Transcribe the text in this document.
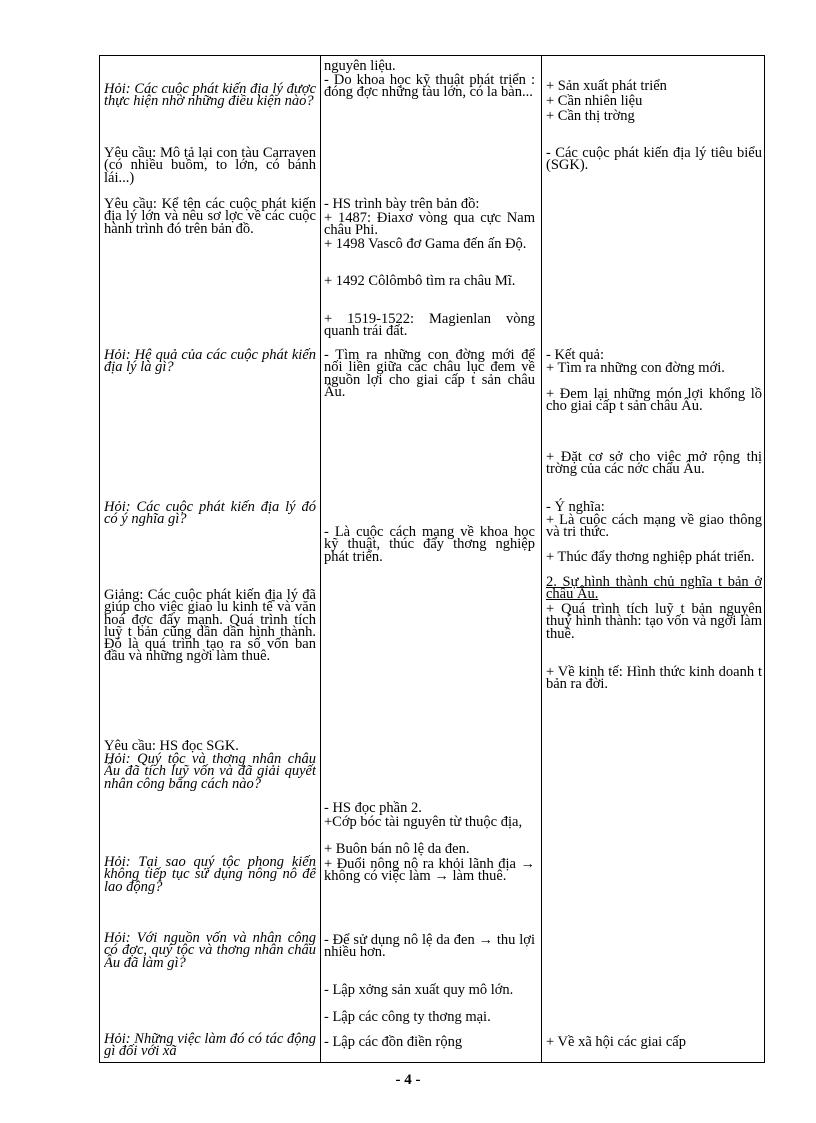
Hỏi: Các cuộc phát kiến địa lý được thực hiện nhờ những điều kiện nào?

Yêu cầu: Mô tả lại con tàu Carraven (có nhiều buồm, to lớn, có bánh lái...)

Yêu cầu: Kể tên các cuộc phát kiến địa lý lớn và nêu sơ lợc về các cuộc hành trình đó trên bản đồ.

Hỏi: Hệ quả của các cuộc phát kiến địa lý là gì?

Hỏi: Các cuộc phát kiến địa lý đó có ý nghĩa gì?

Giảng: Các cuộc phát kiến địa lý đã giúp cho việc giao lu kinh tế và văn hoá đợc đẩy mạnh. Quá trình tích luỹ t bản cũng dần dần hình thành. Đó là quá trình tạo ra số vốn ban đầu và những ngời làm thuê.

Yêu cầu: HS đọc SGK.

Hỏi: Quý tộc và thơng nhân châu Âu đã tích luỹ vốn và đã giải quyết nhân công bằng cách nào?

Hỏi: Tại sao quý tộc phong kiến không tiếp tục sử dụng nông nô để lao động?

Hỏi: Với nguồn vốn và nhân công có đợc, quý tộc và thơng nhân châu Âu đã làm gì?

Hỏi: Những việc làm đó có tác động gì đối với xã

nguyên liệu.

- Do khoa học kỹ thuật phát triển : đóng đợc những tàu lớn, có la bàn...

- HS trình bày trên bản đồ:

+ 1487: Điaxơ vòng qua cực Nam châu Phi.

+ 1498 Vascô đơ Gama đến ấn Độ.

+ 1492 Côlômbô tìm ra châu Mĩ.

+ 1519-1522: Magienlan vòng quanh trái đất.

- Tìm ra những con đờng mới để nối liền giữa các châu lục đem về nguồn lợi cho giai cấp t sản châu Âu.

- Là cuộc cách mạng về khoa học kỹ thuật, thúc đẩy thơng nghiệp phát triển.

- HS đọc phần 2.

+Cớp bóc tài nguyên từ thuộc địa,

+ Buôn bán nô lệ da đen.

+ Đuổi nông nô ra khỏi lãnh địa → không có việc làm → làm thuê.

- Để sử dụng nô lệ da đen → thu lợi nhiều hơn.

- Lập xởng sản xuất quy mô lớn.

- Lập các công ty thơng mại.

- Lập các đồn điền rộng

+ Sản xuất phát triển

+ Cần nhiên liệu

+ Cần thị trờng

- Các cuộc phát kiến địa lý tiêu biểu (SGK).

- Kết quả:

+ Tìm ra những con đờng mới.

+ Đem lại những món lợi khổng lồ cho giai cấp t sản châu Âu.

+ Đặt cơ sở cho việc mở rộng thị trờng của các nớc châu Âu.

- Ý nghĩa:

+ Là cuộc cách mạng về giao thông và tri thức.

+ Thúc đẩy thơng nghiệp phát triển.

2. Sự hình thành chủ nghĩa t bản ở châu Âu.

+ Quá trình tích luỹ t bản nguyên thuỷ hình thành: tạo vốn và ngời làm thuê.

+ Về kinh tế: Hình thức kinh doanh t bản ra đời.

+ Về xã hội các giai cấp

- 4 -
